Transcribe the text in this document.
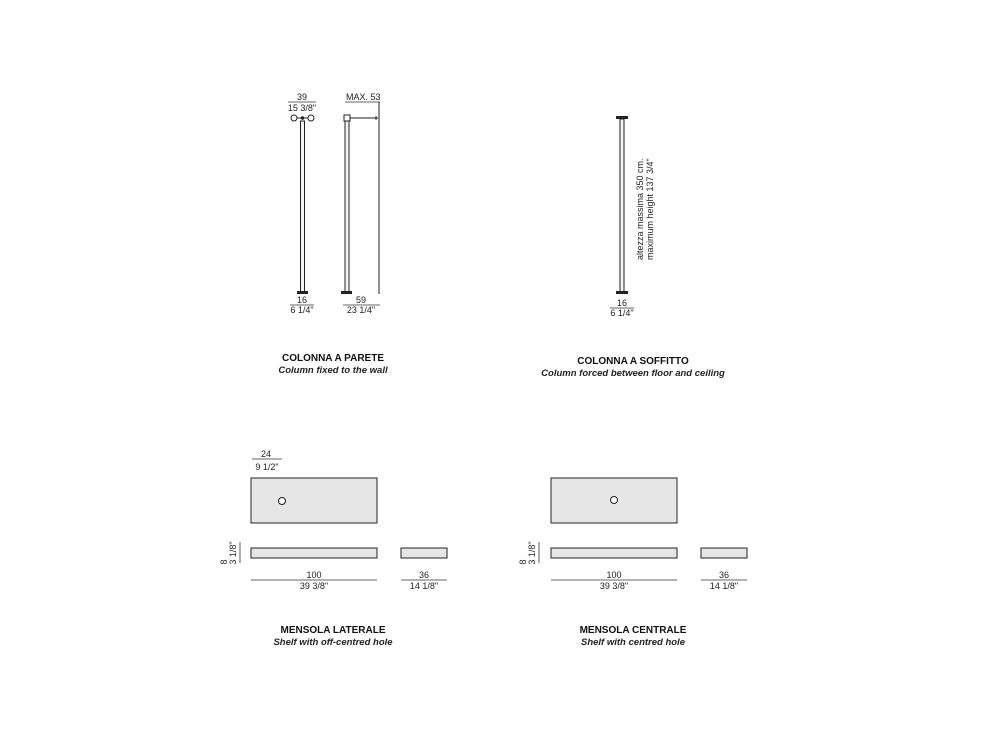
39
15 3/8"
16
6 1/4"
MAX. 53
59
23 1/4"
COLONNA A PARETE
Column fixed to the wall
altezza massima 350 cm. maximum height 137 3/4"
16
6 1/4"
COLONNA A SOFFITTO
Column forced between floor and ceiling
24
9 1/2"
8 3 1/8"
100
39 3/8"
36
14 1/8"
MENSOLA LATERALE
Shelf with off-centred hole
8 3 1/8"
100
39 3/8"
36
14 1/8"
MENSOLA CENTRALE
Shelf with centred hole
